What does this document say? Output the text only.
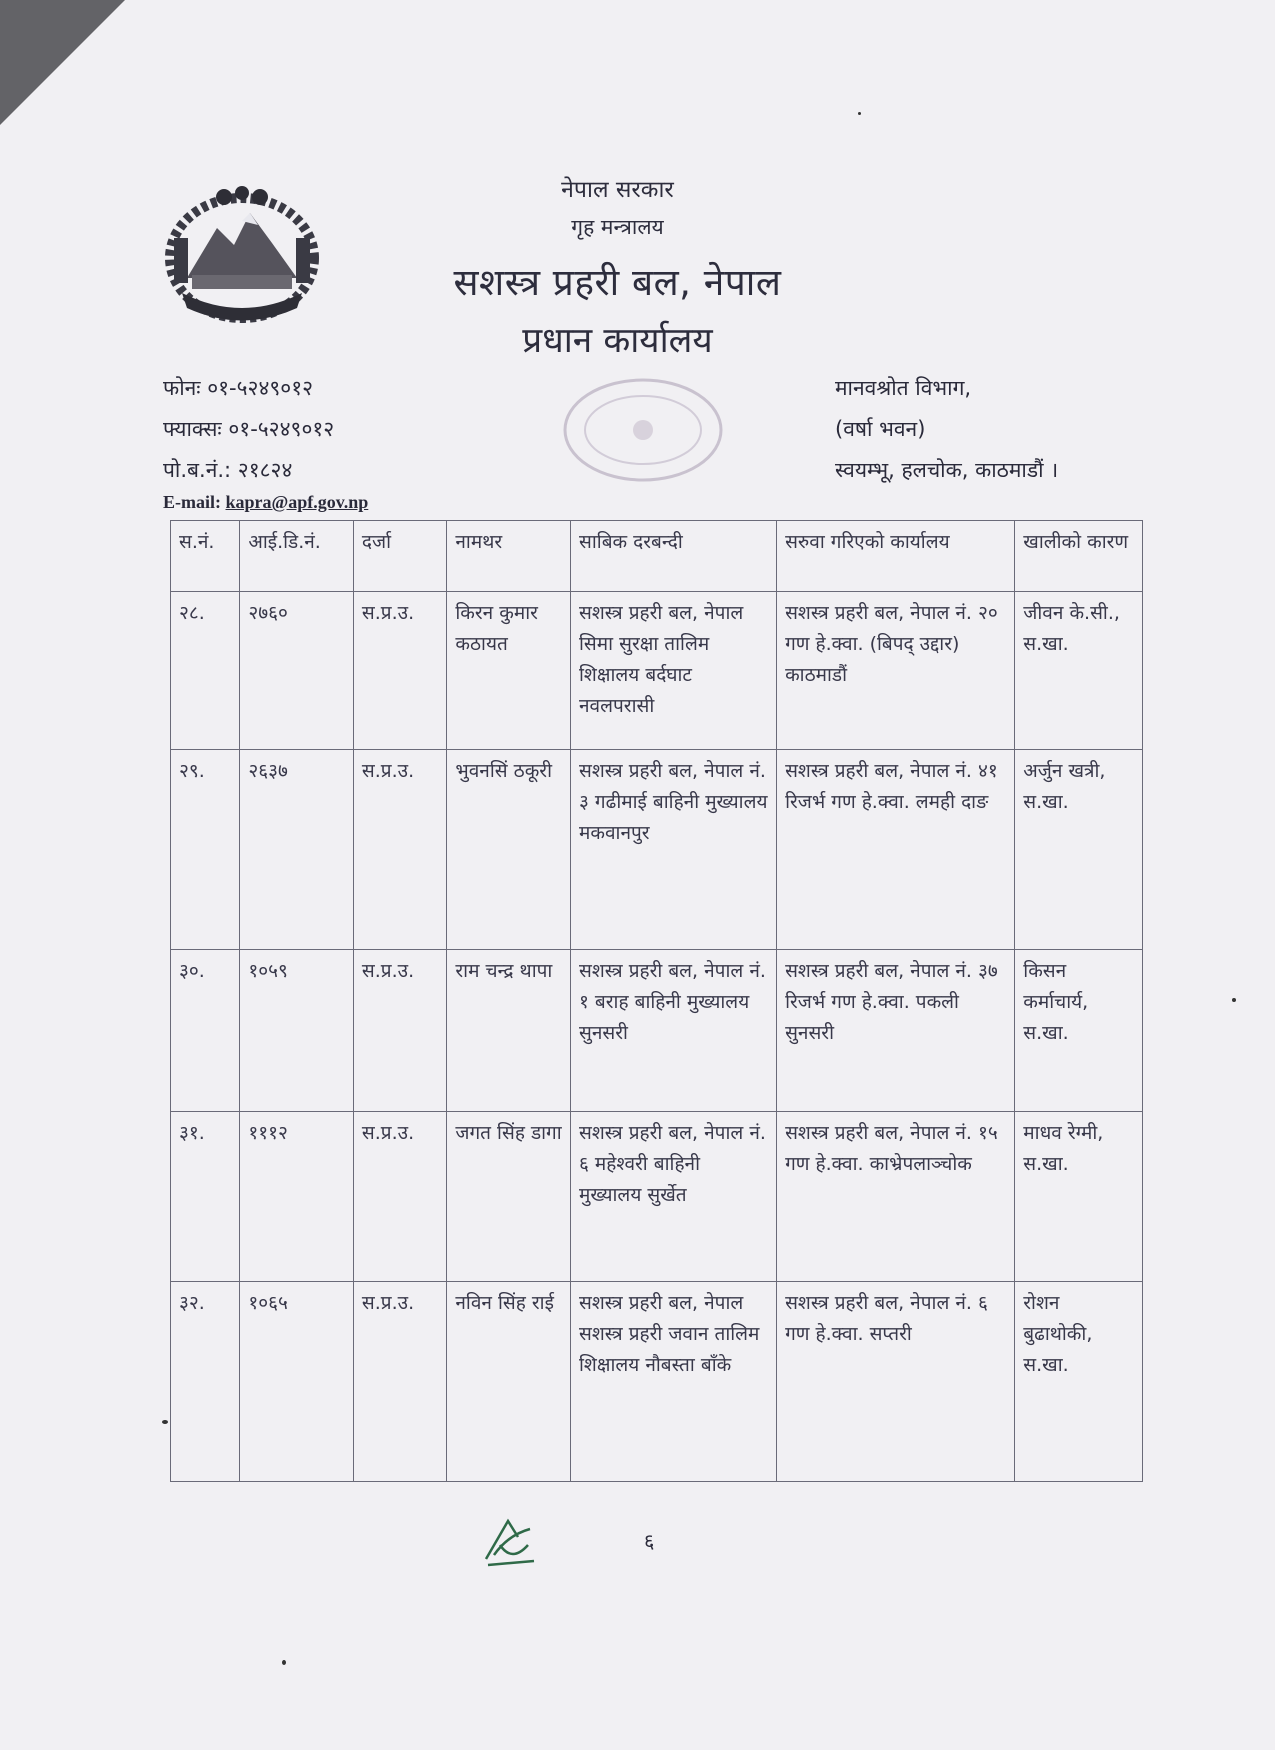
नेपाल सरकार
गृह मन्त्रालय
सशस्त्र प्रहरी बल, नेपाल
प्रधान कार्यालय
फोनः ०१-५२४९०१२
फ्याक्सः ०१-५२४९०१२
पो.ब.नं.: २१८२४
E-mail: kapra@apf.gov.np
मानवश्रोत विभाग,
(वर्षा भवन)
स्वयम्भू, हलचोक, काठमाडौं ।
स.नं.	आई.डि.नं.	दर्जा	नामथर	साबिक दरबन्दी	सरुवा गरिएको कार्यालय	खालीको कारण
२८.	२७६०	स.प्र.उ.	किरन कुमार कठायत	सशस्त्र प्रहरी बल, नेपाल सिमा सुरक्षा तालिम शिक्षालय बर्दघाट नवलपरासी	सशस्त्र प्रहरी बल, नेपाल नं. २० गण हे.क्वा. (बिपद् उद्दार) काठमाडौं	जीवन के.सी., स.खा.
२९.	२६३७	स.प्र.उ.	भुवनसिं ठकूरी	सशस्त्र प्रहरी बल, नेपाल नं. ३ गढीमाई बाहिनी मुख्यालय मकवानपुर	सशस्त्र प्रहरी बल, नेपाल नं. ४१ रिजर्भ गण हे.क्वा. लमही दाङ	अर्जुन खत्री, स.खा.
३०.	१०५९	स.प्र.उ.	राम चन्द्र थापा	सशस्त्र प्रहरी बल, नेपाल नं. १ बराह बाहिनी मुख्यालय सुनसरी	सशस्त्र प्रहरी बल, नेपाल नं. ३७ रिजर्भ गण हे.क्वा. पकली सुनसरी	किसन कर्माचार्य, स.खा.
३१.	१११२	स.प्र.उ.	जगत सिंह डागा	सशस्त्र प्रहरी बल, नेपाल नं. ६ महेश्वरी बाहिनी मुख्यालय सुर्खेत	सशस्त्र प्रहरी बल, नेपाल नं. १५ गण हे.क्वा. काभ्रेपलाञ्चोक	माधव रेग्मी, स.खा.
३२.	१०६५	स.प्र.उ.	नविन सिंह राई	सशस्त्र प्रहरी बल, नेपाल सशस्त्र प्रहरी जवान तालिम शिक्षालय नौबस्ता बाँके	सशस्त्र प्रहरी बल, नेपाल नं. ६ गण हे.क्वा. सप्तरी	रोशन बुढाथोकी, स.खा.
६
